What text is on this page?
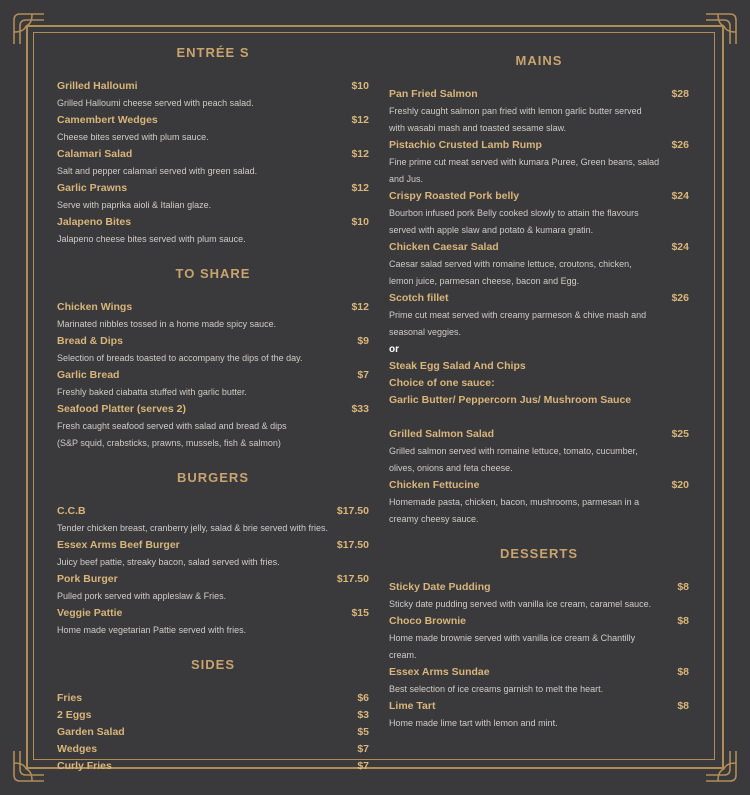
ENTRÉE S
Grilled Halloumi	$10
Grilled Halloumi cheese served with peach salad.
Camembert Wedges	$12
Cheese bites served with plum sauce.
Calamari Salad	$12
Salt and pepper calamari served with green salad.
Garlic Prawns	$12
Serve with paprika aioli & Italian glaze.
Jalapeno Bites	$10
Jalapeno cheese bites served with plum sauce.
TO SHARE
Chicken Wings	$12
Marinated nibbles tossed in a home made spicy sauce.
Bread & Dips	$9
Selection of breads toasted to accompany the dips of the day.
Garlic Bread	$7
Freshly baked ciabatta stuffed with garlic butter.
Seafood Platter (serves 2)	$33
Fresh caught seafood served with salad and bread & dips
(S&P squid, crabsticks, prawns, mussels, fish & salmon)
BURGERS
C.C.B	$17.50
Tender chicken breast, cranberry jelly, salad & brie served with fries.
Essex Arms Beef Burger	$17.50
Juicy beef pattie, streaky bacon, salad served with fries.
Pork Burger	$17.50
Pulled pork served with appleslaw & Fries.
Veggie Pattie	$15
Home made vegetarian Pattie served with fries.
SIDES
Fries	$6
2 Eggs	$3
Garden Salad	$5
Wedges	$7
Curly Fries	$7
MAINS
Pan Fried Salmon	$28
Freshly caught salmon pan fried with lemon garlic butter served
with wasabi mash and toasted sesame slaw.
Pistachio Crusted Lamb Rump	$26
Fine prime cut meat served with kumara Puree, Green beans, salad
and Jus.
Crispy Roasted Pork belly	$24
Bourbon infused pork Belly cooked slowly to attain the flavours
served with apple slaw and potato & kumara gratin.
Chicken Caesar Salad	$24
Caesar salad served with romaine lettuce, croutons, chicken,
lemon juice, parmesan cheese, bacon and Egg.
Scotch fillet	$26
Prime cut meat served with creamy parmeson & chive mash and
seasonal veggies.
or
Steak Egg Salad And Chips
Choice of one sauce:
Garlic Butter/ Peppercorn Jus/ Mushroom Sauce
Grilled Salmon Salad	$25
Grilled salmon served with romaine lettuce, tomato, cucumber,
olives, onions and feta cheese.
Chicken Fettucine	$20
Homemade pasta, chicken, bacon, mushrooms, parmesan in a
creamy cheesy sauce.
DESSERTS
Sticky Date Pudding	$8
Sticky date pudding served with vanilla ice cream, caramel sauce.
Choco Brownie	$8
Home made brownie served with vanilla ice cream & Chantilly
cream.
Essex Arms Sundae	$8
Best selection of ice creams garnish to melt the heart.
Lime Tart	$8
Home made lime tart with lemon and mint.
